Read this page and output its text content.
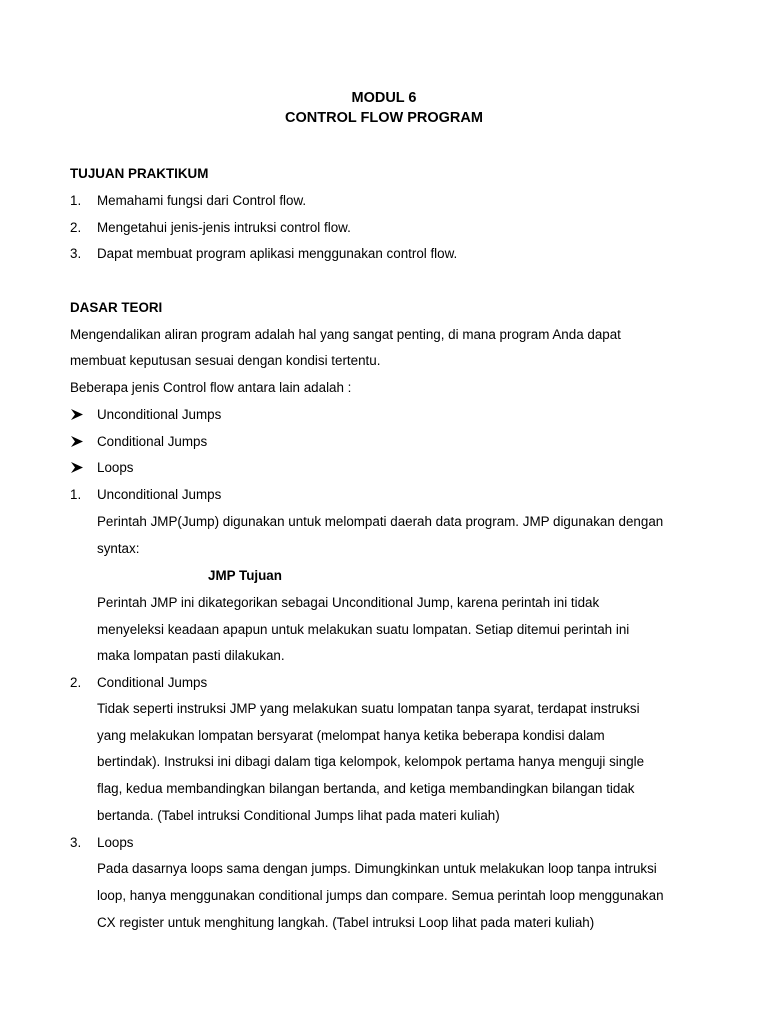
MODUL 6
CONTROL FLOW PROGRAM
TUJUAN PRAKTIKUM
1. Memahami fungsi dari Control flow.
2. Mengetahui jenis-jenis intruksi control flow.
3. Dapat membuat program aplikasi menggunakan control flow.
DASAR TEORI
Mengendalikan aliran program adalah hal yang sangat penting, di mana program Anda dapat
membuat keputusan sesuai dengan kondisi tertentu.
Beberapa jenis Control flow antara lain adalah :
Unconditional Jumps
Conditional Jumps
Loops
1. Unconditional Jumps
Perintah JMP(Jump) digunakan untuk melompati daerah data program. JMP digunakan dengan
syntax:
JMP Tujuan
Perintah JMP ini dikategorikan sebagai Unconditional Jump, karena perintah ini tidak
menyeleksi keadaan apapun untuk melakukan suatu lompatan. Setiap ditemui perintah ini
maka lompatan pasti dilakukan.
2. Conditional Jumps
Tidak seperti instruksi JMP yang melakukan suatu lompatan tanpa syarat, terdapat instruksi
yang melakukan lompatan bersyarat (melompat hanya ketika beberapa kondisi dalam
bertindak). Instruksi ini dibagi dalam tiga kelompok, kelompok pertama hanya menguji single
flag, kedua membandingkan bilangan bertanda, and ketiga membandingkan bilangan tidak
bertanda. (Tabel intruksi Conditional Jumps lihat pada materi kuliah)
3. Loops
Pada dasarnya loops sama dengan jumps. Dimungkinkan untuk melakukan loop tanpa intruksi
loop, hanya menggunakan conditional jumps dan compare. Semua perintah loop menggunakan
CX register untuk menghitung langkah. (Tabel intruksi Loop lihat pada materi kuliah)
